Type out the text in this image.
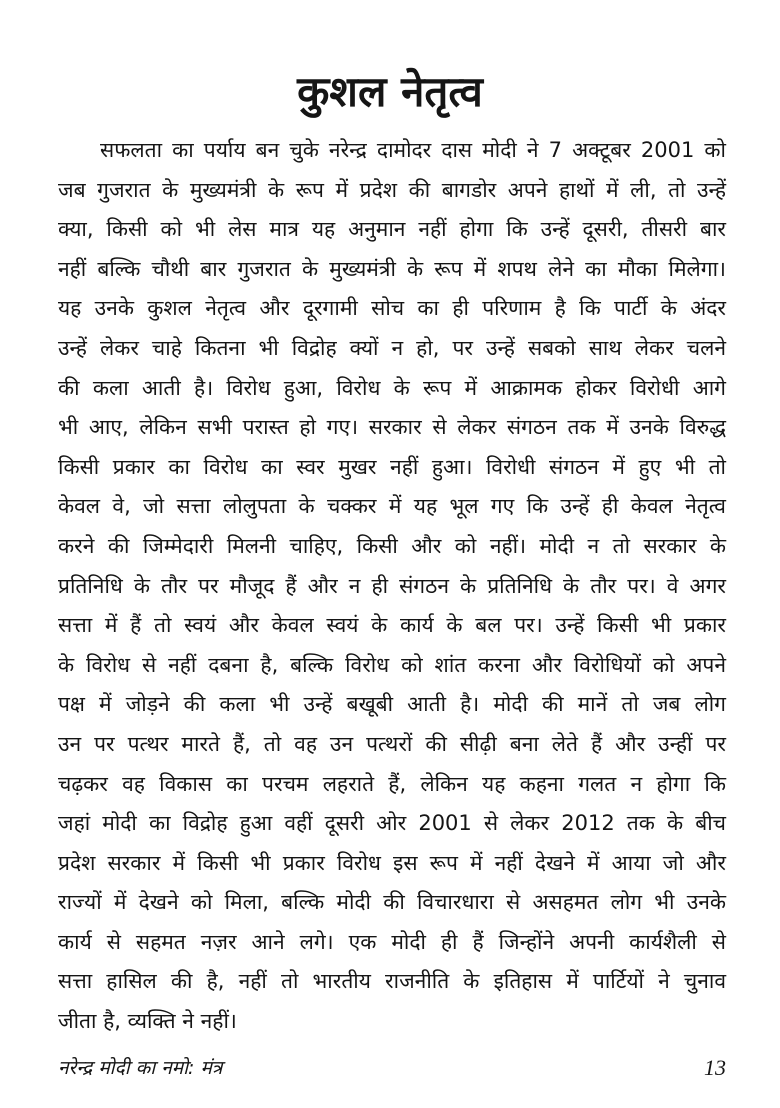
कुशल नेतृत्व
सफलता का पर्याय बन चुके नरेन्द्र दामोदर दास मोदी ने 7 अक्टूबर 2001 को
जब गुजरात के मुख्यमंत्री के रूप में प्रदेश की बागडोर अपने हाथों में ली, तो उन्हें
क्या, किसी को भी लेस मात्र यह अनुमान नहीं होगा कि उन्हें दूसरी, तीसरी बार
नहीं बल्कि चौथी बार गुजरात के मुख्यमंत्री के रूप में शपथ लेने का मौका मिलेगा।
यह उनके कुशल नेतृत्व और दूरगामी सोच का ही परिणाम है कि पार्टी के अंदर
उन्हें लेकर चाहे कितना भी विद्रोह क्यों न हो, पर उन्हें सबको साथ लेकर चलने
की कला आती है। विरोध हुआ, विरोध के रूप में आक्रामक होकर विरोधी आगे
भी आए, लेकिन सभी परास्त हो गए। सरकार से लेकर संगठन तक में उनके विरुद्ध
किसी प्रकार का विरोध का स्वर मुखर नहीं हुआ। विरोधी संगठन में हुए भी तो
केवल वे, जो सत्ता लोलुपता के चक्कर में यह भूल गए कि उन्हें ही केवल नेतृत्व
करने की जिम्मेदारी मिलनी चाहिए, किसी और को नहीं। मोदी न तो सरकार के
प्रतिनिधि के तौर पर मौजूद हैं और न ही संगठन के प्रतिनिधि के तौर पर। वे अगर
सत्ता में हैं तो स्वयं और केवल स्वयं के कार्य के बल पर। उन्हें किसी भी प्रकार
के विरोध से नहीं दबना है, बल्कि विरोध को शांत करना और विरोधियों को अपने
पक्ष में जोड़ने की कला भी उन्हें बखूबी आती है। मोदी की मानें तो जब लोग
उन पर पत्थर मारते हैं, तो वह उन पत्थरों की सीढ़ी बना लेते हैं और उन्हीं पर
चढ़कर वह विकास का परचम लहराते हैं, लेकिन यह कहना गलत न होगा कि
जहां मोदी का विद्रोह हुआ वहीं दूसरी ओर 2001 से लेकर 2012 तक के बीच
प्रदेश सरकार में किसी भी प्रकार विरोध इस रूप में नहीं देखने में आया जो और
राज्यों में देखने को मिला, बल्कि मोदी की विचारधारा से असहमत लोग भी उनके
कार्य से सहमत नज़र आने लगे। एक मोदी ही हैं जिन्होंने अपनी कार्यशैली से
सत्ता हासिल की है, नहीं तो भारतीय राजनीति के इतिहास में पार्टियों ने चुनाव
जीता है, व्यक्ति ने नहीं।
नरेन्द्र मोदी का नमो: मंत्र	13
